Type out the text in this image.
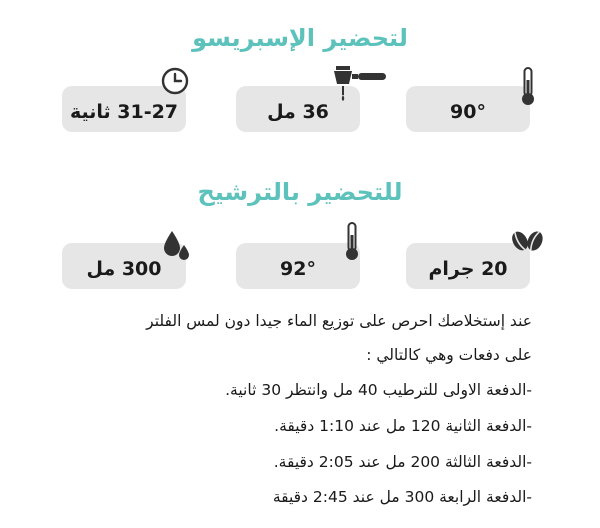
لتحضير الإسبريسو
90°
36 مل
31-27 ثانية
للتحضير بالترشيح
20 جرام
92°
300 مل
عند إستخلاصك احرص على توزيع الماء جيدا دون لمس الفلتر
على دفعات وهي كالتالي :
-الدفعة الاولى للترطيب 40 مل وانتظر 30 ثانية.
-الدفعة الثانية 120 مل عند 1:10 دقيقة.
-الدفعة الثالثة 200 مل عند 2:05 دقيقة.
-الدفعة الرابعة 300 مل عند 2:45 دقيقة
